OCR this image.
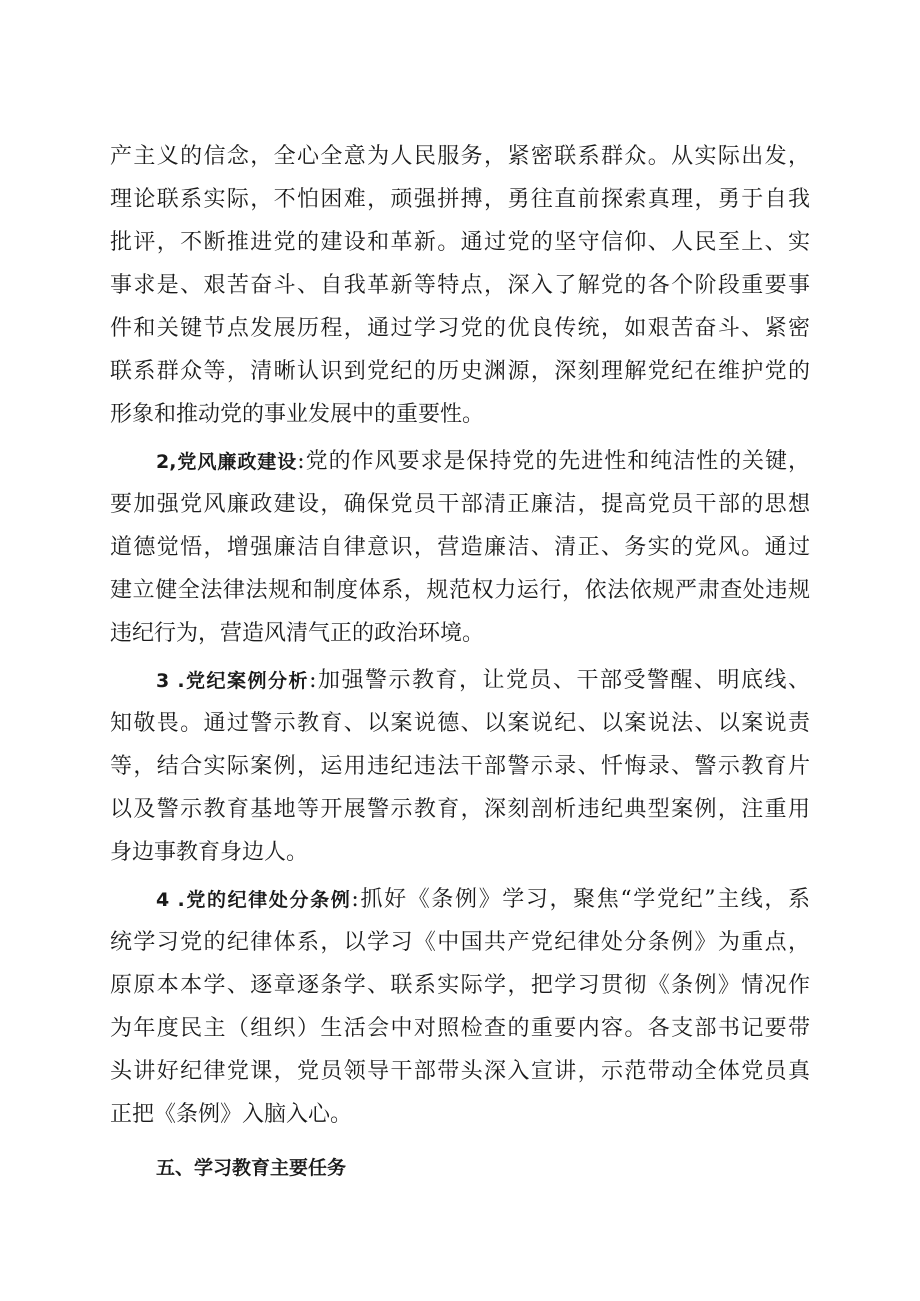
产主义的信念，全心全意为人民服务，紧密联系群众。从实际出发，
理论联系实际，不怕困难，顽强拼搏，勇往直前探索真理，勇于自我
批评，不断推进党的建设和革新。通过党的坚守信仰、人民至上、实
事求是、艰苦奋斗、自我革新等特点，深入了解党的各个阶段重要事
件和关键节点发展历程，通过学习党的优良传统，如艰苦奋斗、紧密
联系群众等，清晰认识到党纪的历史渊源，深刻理解党纪在维护党的
形象和推动党的事业发展中的重要性。
2,党风廉政建设:党的作风要求是保持党的先进性和纯洁性的关键，
要加强党风廉政建设，确保党员干部清正廉洁，提高党员干部的思想
道德觉悟，增强廉洁自律意识，营造廉洁、清正、务实的党风。通过
建立健全法律法规和制度体系，规范权力运行，依法依规严肃查处违规
违纪行为，营造风清气正的政治环境。
3 .党纪案例分析:加强警示教育，让党员、干部受警醒、明底线、
知敬畏。通过警示教育、以案说德、以案说纪、以案说法、以案说责
等，结合实际案例，运用违纪违法干部警示录、忏悔录、警示教育片
以及警示教育基地等开展警示教育，深刻剖析违纪典型案例，注重用
身边事教育身边人。
4 .党的纪律处分条例:抓好《条例》学习，聚焦“学党纪”主线，系
统学习党的纪律体系，以学习《中国共产党纪律处分条例》为重点，
原原本本学、逐章逐条学、联系实际学，把学习贯彻《条例》情况作
为年度民主（组织）生活会中对照检查的重要内容。各支部书记要带
头讲好纪律党课，党员领导干部带头深入宣讲，示范带动全体党员真
正把《条例》入脑入心。
五、学习教育主要任务
